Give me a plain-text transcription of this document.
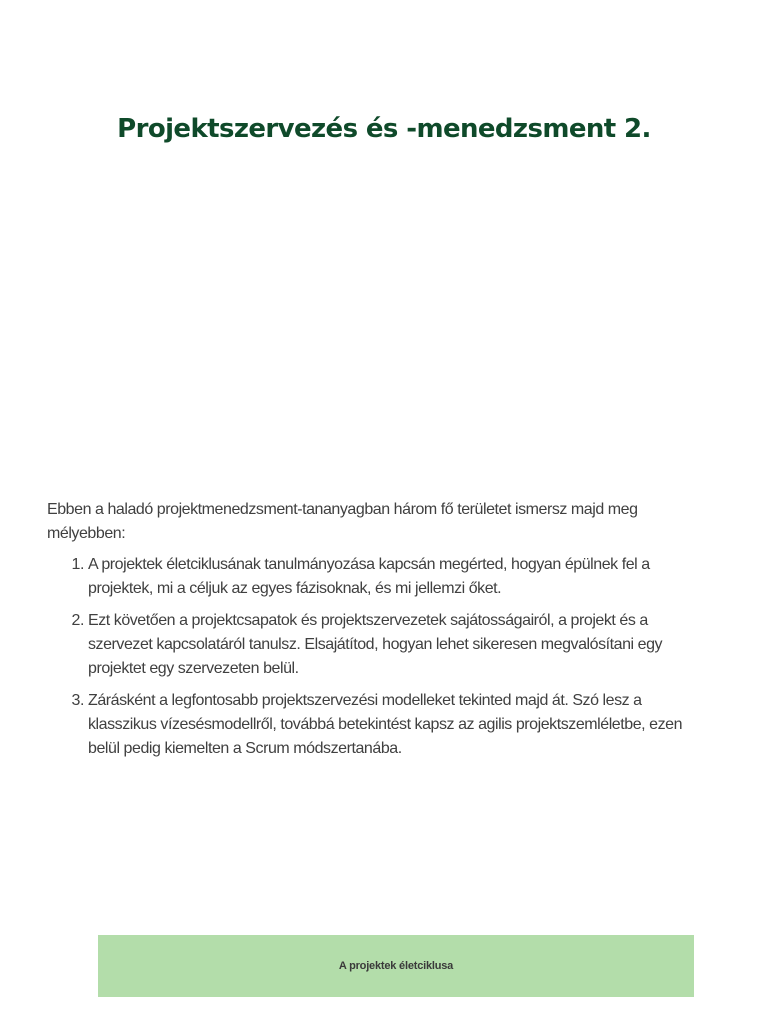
Projektszervezés és -menedzsment 2.

Ebben a haladó projektmenedzsment-tananyagban három fő területet ismersz majd meg mélyebben:

1. A projektek életciklusának tanulmányozása kapcsán megérted, hogyan épülnek fel a projektek, mi a céljuk az egyes fázisoknak, és mi jellemzi őket.
2. Ezt követően a projektcsapatok és projektszervezetek sajátosságairól, a projekt és a szervezet kapcsolatáról tanulsz. Elsajátítod, hogyan lehet sikeresen megvalósítani egy projektet egy szervezeten belül.
3. Zárásként a legfontosabb projektszervezési modelleket tekinted majd át. Szó lesz a klasszikus vízesésmodellről, továbbá betekintést kapsz az agilis projektszemléletbe, ezen belül pedig kiemelten a Scrum módszertanába.
A projektek életciklusa
